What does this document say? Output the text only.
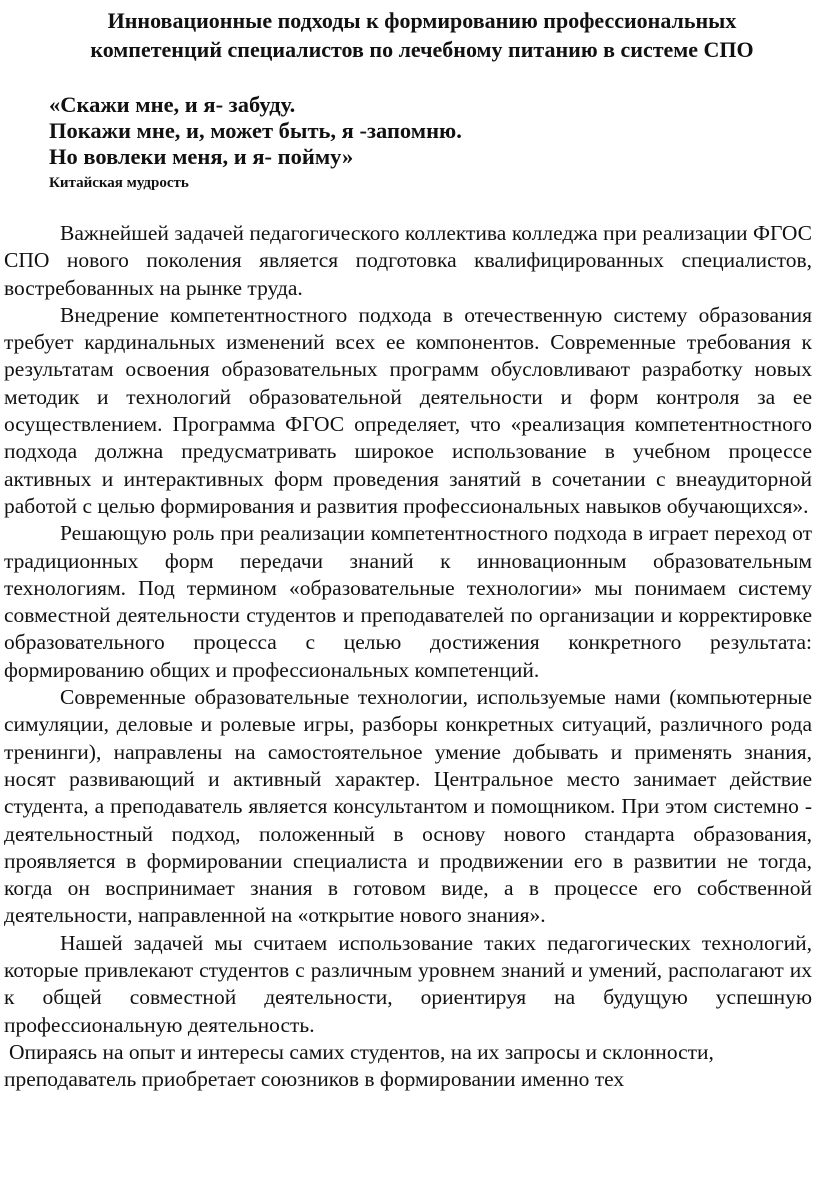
Инновационные подходы к формированию профессиональных
компетенций специалистов по лечебному питанию в системе СПО
«Скажи мне, и я- забуду.
Покажи мне, и, может быть, я -запомню.
Но вовлеки меня, и я- пойму»
Китайская мудрость

Важнейшей задачей педагогического коллектива колледжа при реализации ФГОС СПО нового поколения является подготовка квалифицированных специалистов, востребованных на рынке труда.

Внедрение компетентностного подхода в отечественную систему образования требует кардинальных изменений всех ее компонентов. Современные требования к результатам освоения образовательных программ обусловливают разработку новых методик и технологий образовательной деятельности и форм контроля за ее осуществлением. Программа ФГОС определяет, что «реализация компетентностного подхода должна предусматривать широкое использование в учебном процессе активных и интерактивных форм проведения занятий в сочетании с внеаудиторной работой с целью формирования и развития профессиональных навыков обучающихся».

Решающую роль при реализации компетентностного подхода в играет переход от традиционных форм передачи знаний к инновационным образовательным технологиям. Под термином «образовательные технологии» мы понимаем систему совместной деятельности студентов и преподавателей по организации и корректировке образовательного процесса с целью достижения конкретного результата: формированию общих и профессиональных компетенций.

Современные образовательные технологии, используемые нами (компьютерные симуляции, деловые и ролевые игры, разборы конкретных ситуаций, различного рода тренинги), направлены на самостоятельное умение добывать и применять знания, носят развивающий и активный характер. Центральное место занимает действие студента, а преподаватель является консультантом и помощником. При этом системно - деятельностный подход, положенный в основу нового стандарта образования, проявляется в формировании специалиста и продвижении его в развитии не тогда, когда он воспринимает знания в готовом виде, а в процессе его собственной деятельности, направленной на «открытие нового знания».

Нашей задачей мы считаем использование таких педагогических технологий, которые привлекают студентов с различным уровнем знаний и умений, располагают их к общей совместной деятельности, ориентируя на будущую успешную профессиональную деятельность.

Опираясь на опыт и интересы самих студентов, на их запросы и склонности, преподаватель приобретает союзников в формировании именно тех
